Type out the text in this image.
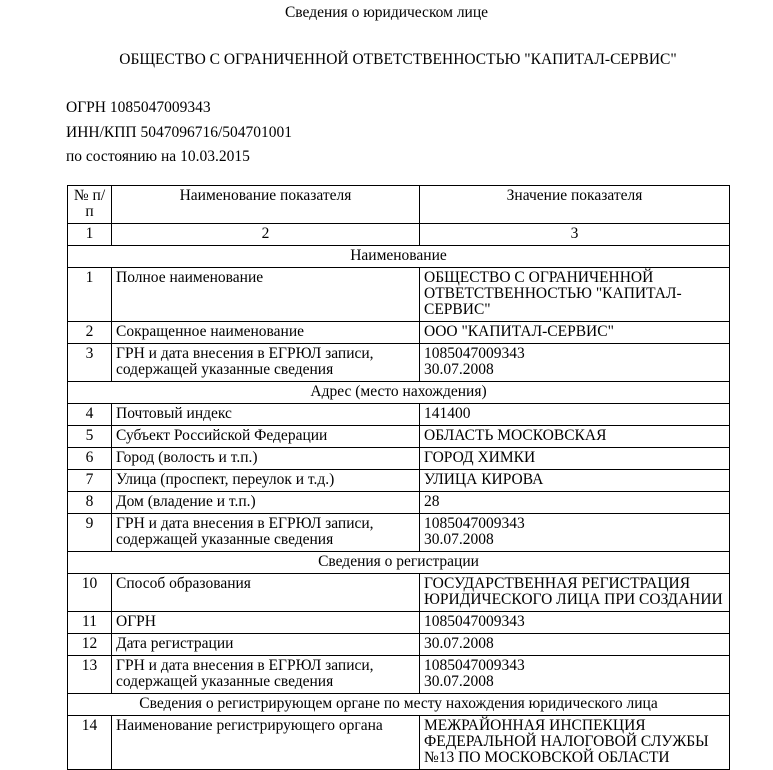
Сведения о юридическом лице
ОБЩЕСТВО С ОГРАНИЧЕННОЙ ОТВЕТСТВЕННОСТЬЮ "КАПИТАЛ-СЕРВИС"
ОГРН 1085047009343
ИНН/КПП 5047096716/504701001
по состоянию на 10.03.2015
№ п/п	Наименование показателя	Значение показателя
1	2	3
Наименование		
1	Полное наименование	ОБЩЕСТВО С ОГРАНИЧЕННОЙ ОТВЕТСТВЕННОСТЬЮ "КАПИТАЛ-СЕРВИС"
2	Сокращенное наименование	ООО "КАПИТАЛ-СЕРВИС"
3	ГРН и дата внесения в ЕГРЮЛ записи, содержащей указанные сведения	1085047009343
30.07.2008
Адрес (место нахождения)		
4	Почтовый индекс	141400
5	Субъект Российской Федерации	ОБЛАСТЬ МОСКОВСКАЯ
6	Город (волость и т.п.)	ГОРОД ХИМКИ
7	Улица (проспект, переулок и т.д.)	УЛИЦА КИРОВА
8	Дом (владение и т.п.)	28
9	ГРН и дата внесения в ЕГРЮЛ записи, содержащей указанные сведения	1085047009343
30.07.2008
Сведения о регистрации		
10	Способ образования	ГОСУДАРСТВЕННАЯ РЕГИСТРАЦИЯ ЮРИДИЧЕСКОГО ЛИЦА ПРИ СОЗДАНИИ
11	ОГРН	1085047009343
12	Дата регистрации	30.07.2008
13	ГРН и дата внесения в ЕГРЮЛ записи, содержащей указанные сведения	1085047009343
30.07.2008
Сведения о регистрирующем органе по месту нахождения юридического лица		
14	Наименование регистрирующего органа	МЕЖРАЙОННАЯ ИНСПЕКЦИЯ ФЕДЕРАЛЬНОЙ НАЛОГОВОЙ СЛУЖБЫ №13 ПО МОСКОВСКОЙ ОБЛАСТИ
